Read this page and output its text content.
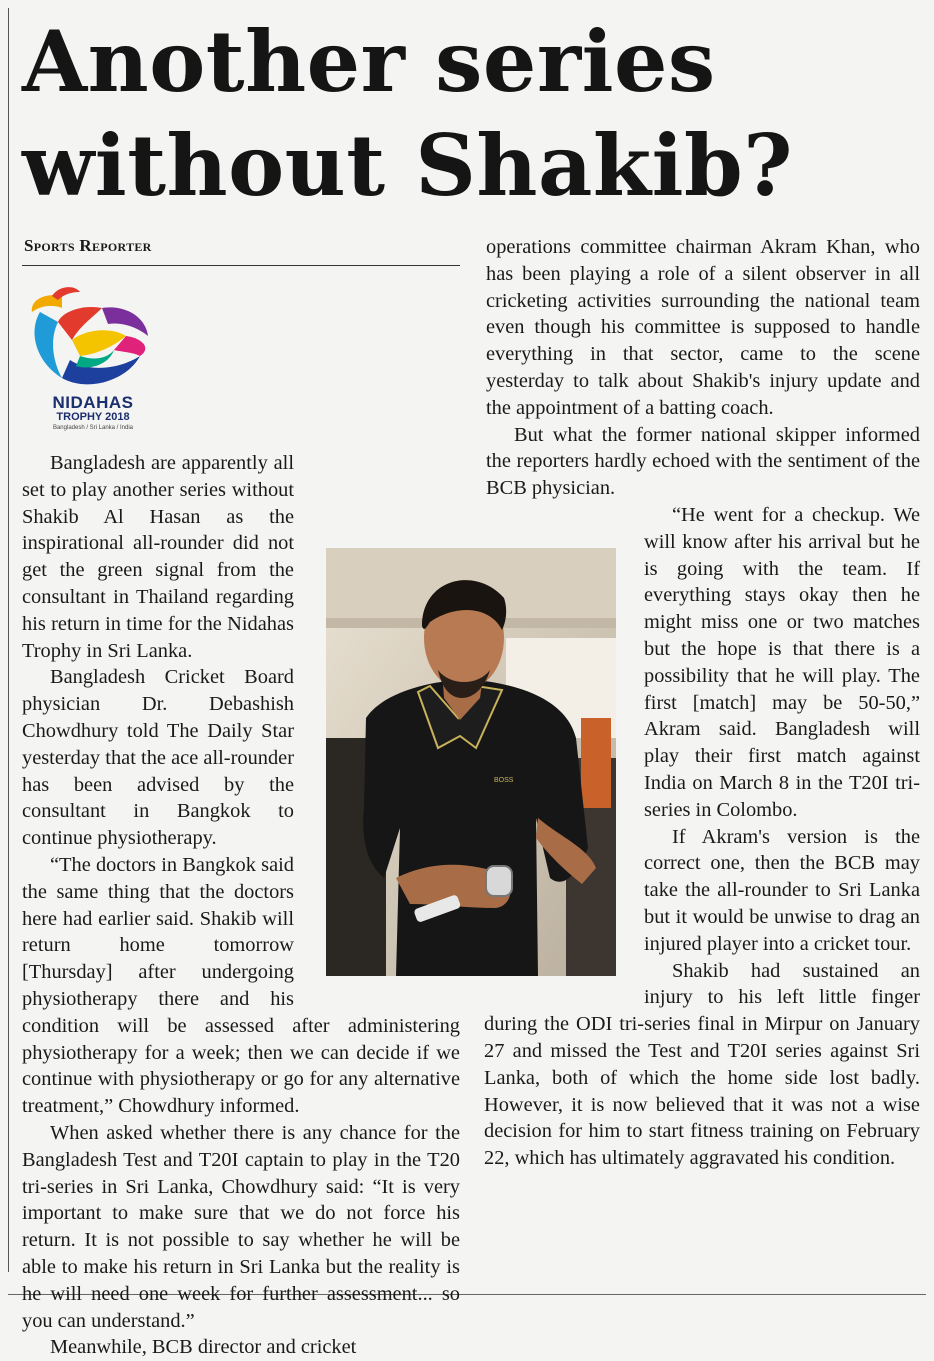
Another series
without Shakib?
Sports Reporter
NIDAHAS
TROPHY 2018
Bangladesh / Sri Lanka / India
BOSS

Bangladesh are apparently all set to play another series without Shakib Al Hasan as the inspirational all-rounder did not get the green signal from the consultant in Thailand regarding his return in time for the Nidahas Trophy in Sri Lanka.

Bangladesh Cricket Board physician Dr. Debashish Chowdhury told The Daily Star yesterday that the ace all-rounder has been advised by the consultant in Bangkok to continue physiotherapy.

“The doctors in Bangkok said the same thing that the doctors here had earlier said. Shakib will return home tomorrow [Thursday] after undergoing physiotherapy there and his condition will be assessed after administering physiotherapy for a week; then we can decide if we continue with physiotherapy or go for any alternative treatment,” Chowdhury informed.

When asked whether there is any chance for the Bangladesh Test and T20I captain to play in the T20 tri-series in Sri Lanka, Chowdhury said: “It is very important to make sure that we do not force his return. It is not possible to say whether he will be able to make his return in Sri Lanka but the reality is he will need one week for further assessment... so you can understand.”

Meanwhile, BCB director and cricket

operations committee chairman Akram Khan, who has been playing a role of a silent observer in all cricketing activities surrounding the national team even though his committee is supposed to handle everything in that sector, came to the scene yesterday to talk about Shakib's injury update and the appointment of a batting coach.

But what the former national skipper informed the reporters hardly echoed with the sentiment of the BCB physician.

“He went for a checkup. We will know after his arrival but he is going with the team. If everything stays okay then he might miss one or two matches but the hope is that there is a possibility that he will play. The first [match] may be 50-50,” Akram said. Bangladesh will play their first match against India on March 8 in the T20I tri-series in Colombo.

If Akram's version is the correct one, then the BCB may take the all-rounder to Sri Lanka but it would be unwise to drag an injured player into a cricket tour.

Shakib had sustained an injury to his left little finger during the ODI tri-series final in Mirpur on January 27 and missed the Test and T20I series against Sri Lanka, both of which the home side lost badly. However, it is now believed that it was not a wise decision for him to start fitness training on February 22, which has ultimately aggravated his condition.
